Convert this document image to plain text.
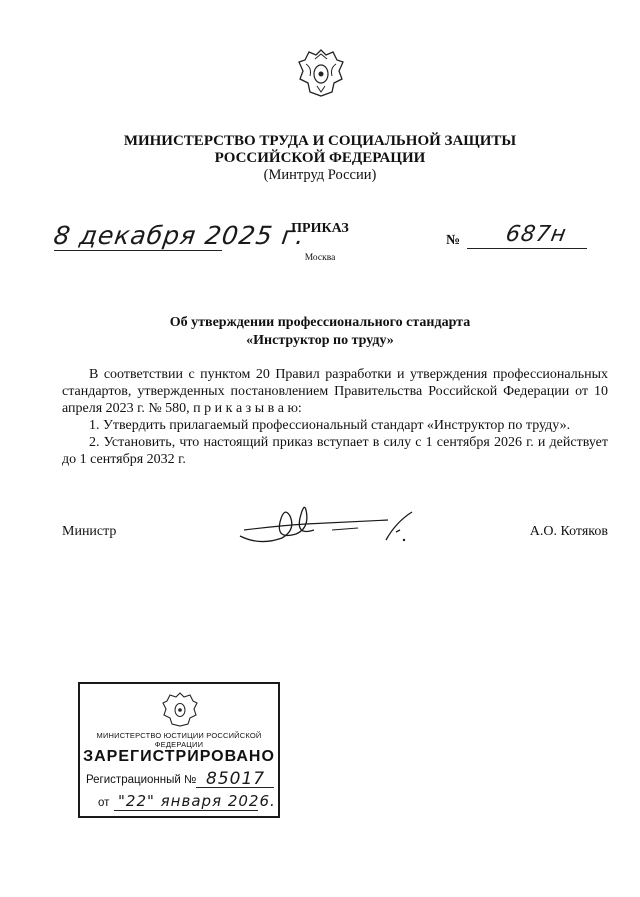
МИНИСТЕРСТВО ТРУДА И СОЦИАЛЬНОЙ ЗАЩИТЫ
РОССИЙСКОЙ ФЕДЕРАЦИИ
(Минтруд России)
8 декабря 2025 г.
ПРИКАЗ
Москва
№ 687н
Об утверждении профессионального стандарта
«Инструктор по труду»

В соответствии с пунктом 20 Правил разработки и утверждения профессиональных стандартов, утвержденных постановлением Правительства Российской Федерации от 10 апреля 2023 г. № 580, п р и к а з ы в а ю:

1. Утвердить прилагаемый профессиональный стандарт «Инструктор по труду».

2. Установить, что настоящий приказ вступает в силу с 1 сентября 2026 г. и действует до 1 сентября 2032 г.

Министр	А.О. Котяков
МИНИСТЕРСТВО ЮСТИЦИИ РОССИЙСКОЙ ФЕДЕРАЦИИ
ЗАРЕГИСТРИРОВАНО
Регистрационный № 85017
от "22" января 2026.
